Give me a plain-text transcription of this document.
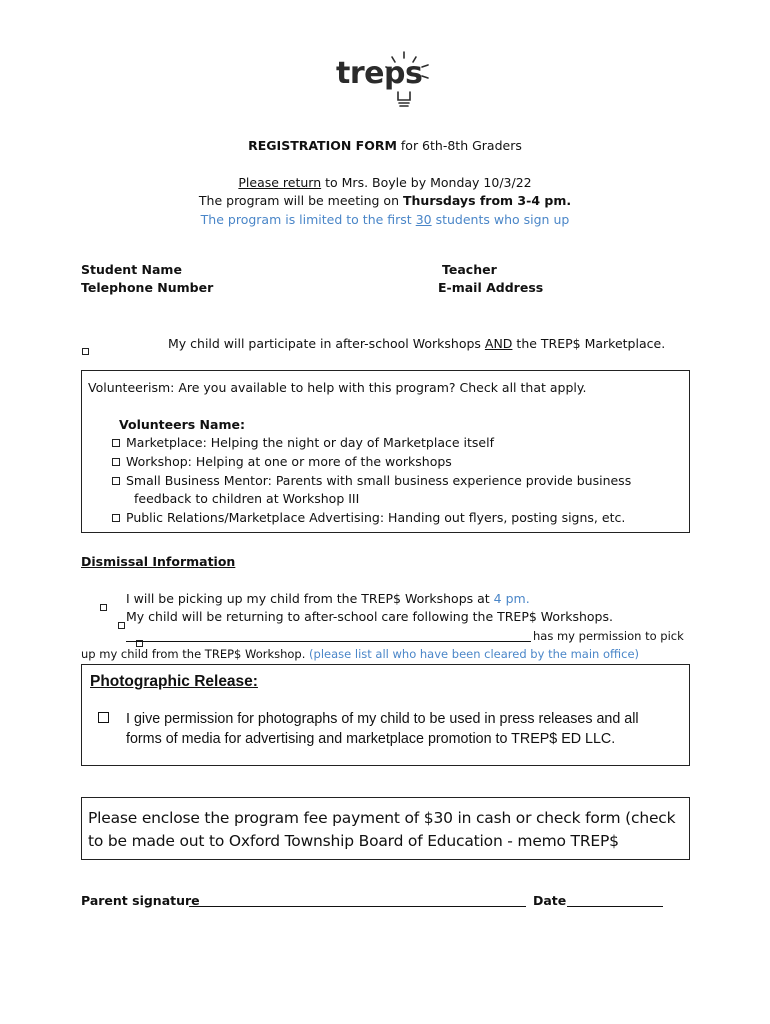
treps
REGISTRATION FORM for 6th-8th Graders
Please return to Mrs. Boyle by Monday 10/3/22
The program will be meeting on Thursdays from 3-4 pm.
The program is limited to the first 30 students who sign up
Student Name
Telephone Number
Teacher
E-mail Address

My child will participate in after-school Workshops AND the TREP$ Marketplace.
Volunteerism: Are you available to help with this program? Check all that apply.
Volunteers Name:
Marketplace: Helping the night or day of Marketplace itself
Workshop: Helping at one or more of the workshops
Small Business Mentor: Parents with small business experience provide business
feedback to children at Workshop III
Public Relations/Marketplace Advertising: Handing out flyers, posting signs, etc.
Dismissal Information

I will be picking up my child from the TREP$ Workshops at 4 pm.

My child will be returning to after-school care following the TREP$ Workshops.
has my permission to pick
up my child from the TREP$ Workshop. (please list all who have been cleared by the main office)
Photographic Release:
I give permission for photographs of my child to be used in press releases and all
forms of media for advertising and marketplace promotion to TREP$ ED LLC.
Please enclose the program fee payment of $30 in cash or check form (check
to be made out to Oxford Township Board of Education - memo TREP$
Parent signature	Date
